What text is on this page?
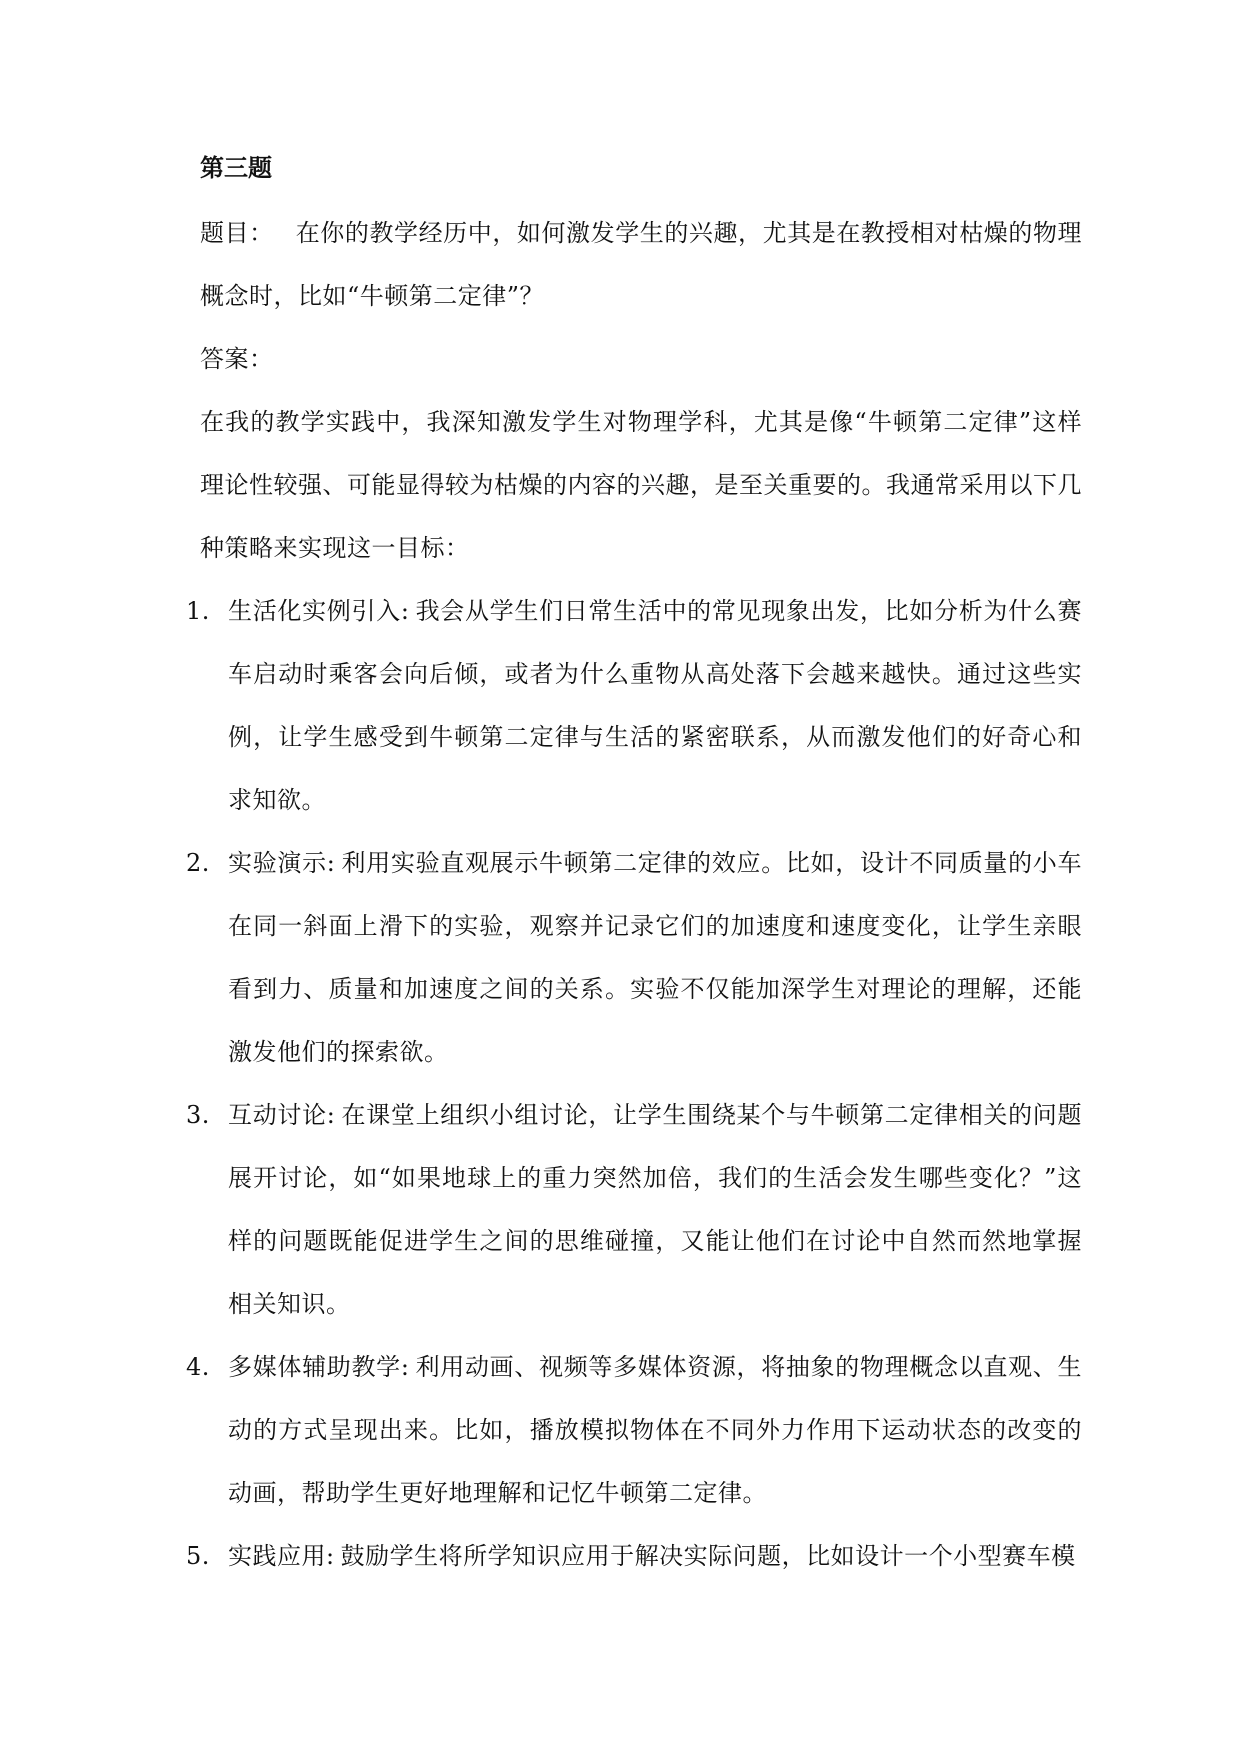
第三题

题目： 在你的教学经历中，如何激发学生的兴趣，尤其是在教授相对枯燥的物理概念时，比如“牛顿第二定律”？

答案：

在我的教学实践中，我深知激发学生对物理学科，尤其是像“牛顿第二定律”这样理论性较强、可能显得较为枯燥的内容的兴趣，是至关重要的。我通常采用以下几种策略来实现这一目标：

1. 生活化实例引入: 我会从学生们日常生活中的常见现象出发，比如分析为什么赛车启动时乘客会向后倾，或者为什么重物从高处落下会越来越快。通过这些实例，让学生感受到牛顿第二定律与生活的紧密联系，从而激发他们的好奇心和求知欲。
2. 实验演示: 利用实验直观展示牛顿第二定律的效应。比如，设计不同质量的小车在同一斜面上滑下的实验，观察并记录它们的加速度和速度变化，让学生亲眼看到力、质量和加速度之间的关系。实验不仅能加深学生对理论的理解，还能激发他们的探索欲。
3. 互动讨论: 在课堂上组织小组讨论，让学生围绕某个与牛顿第二定律相关的问题展开讨论，如“如果地球上的重力突然加倍，我们的生活会发生哪些变化？”这样的问题既能促进学生之间的思维碰撞，又能让他们在讨论中自然而然地掌握相关知识。
4. 多媒体辅助教学: 利用动画、视频等多媒体资源，将抽象的物理概念以直观、生动的方式呈现出来。比如，播放模拟物体在不同外力作用下运动状态的改变的动画，帮助学生更好地理解和记忆牛顿第二定律。
5. 实践应用: 鼓励学生将所学知识应用于解决实际问题，比如设计一个小型赛车模
